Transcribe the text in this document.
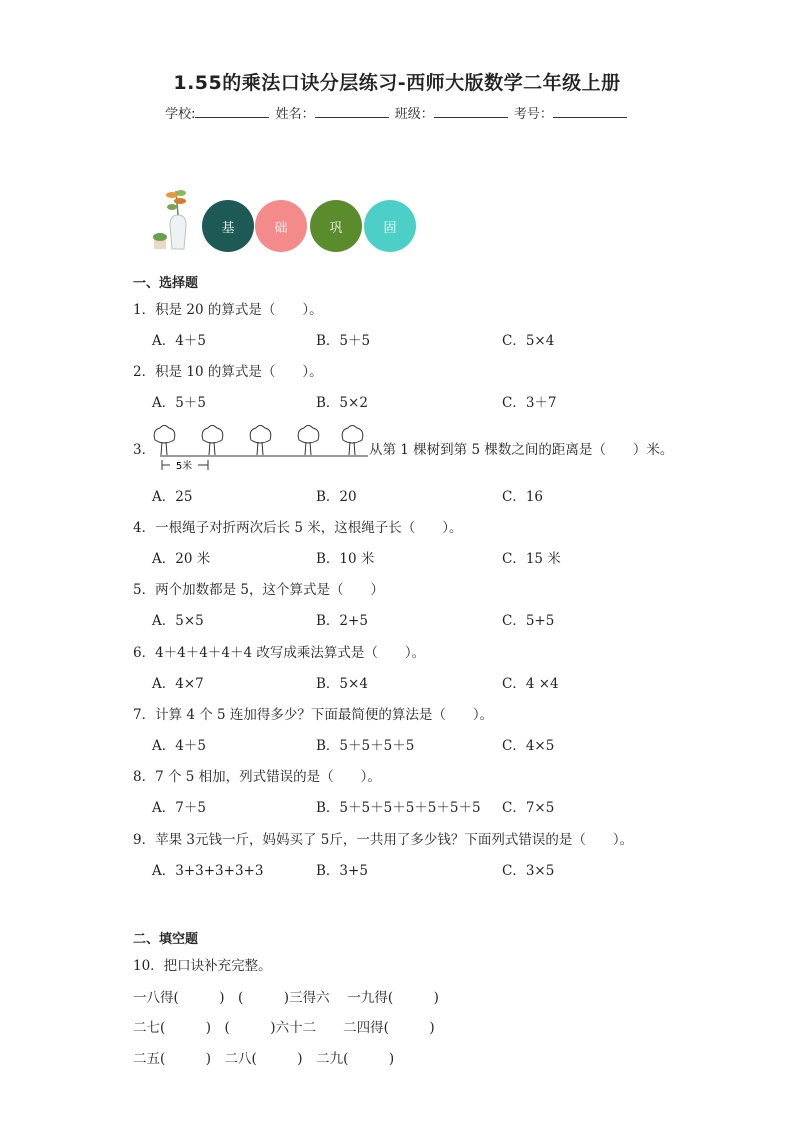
1.55的乘法口诀分层练习-西师大版数学二年级上册
学校:	姓名：	班级：	考号：
基	础	巩	固
一、选择题
1．积是 20 的算式是（　　）。
A．4＋5	B．5＋5	C．5×4
2．积是 10 的算式是（　　）。
A．5＋5	B．5×2	C．3＋7
从第 1 棵树到第 5 棵数之间的距离是（　　）米。
A．25	B．20	C．16
4．一根绳子对折两次后长 5 米，这根绳子长（　　）。
A．20 米	B．10 米	C．15 米
5．两个加数都是 5，这个算式是（　　）
A．5×5	B．2+5	C．5+5
6．4＋4＋4＋4＋4 改写成乘法算式是（　　）。
A．4×7	B．5×4	C．4 ×4
7．计算 4 个 5 连加得多少？下面最简便的算法是（　　）。
A．4＋5	B．5＋5＋5＋5	C．4×5
8．7 个 5 相加，列式错误的是（　　）。
A．7＋5	B．5＋5＋5＋5＋5＋5＋5 C．7×5
9．苹果 3元钱一斤，妈妈买了 5斤，一共用了多少钱？下面列式错误的是（　　）。
A．3+3+3+3+3	B．3+5	C．3×5
3．
5米
二、填空题
10．把口诀补充完整。
一八得(　　　)　(　　　)三得六　 一九得(　　　)
二七(　　　)　(　　　)六十二　　二四得(　　　)
二五(　　　)　二八(　　　)　二九(　　　)
